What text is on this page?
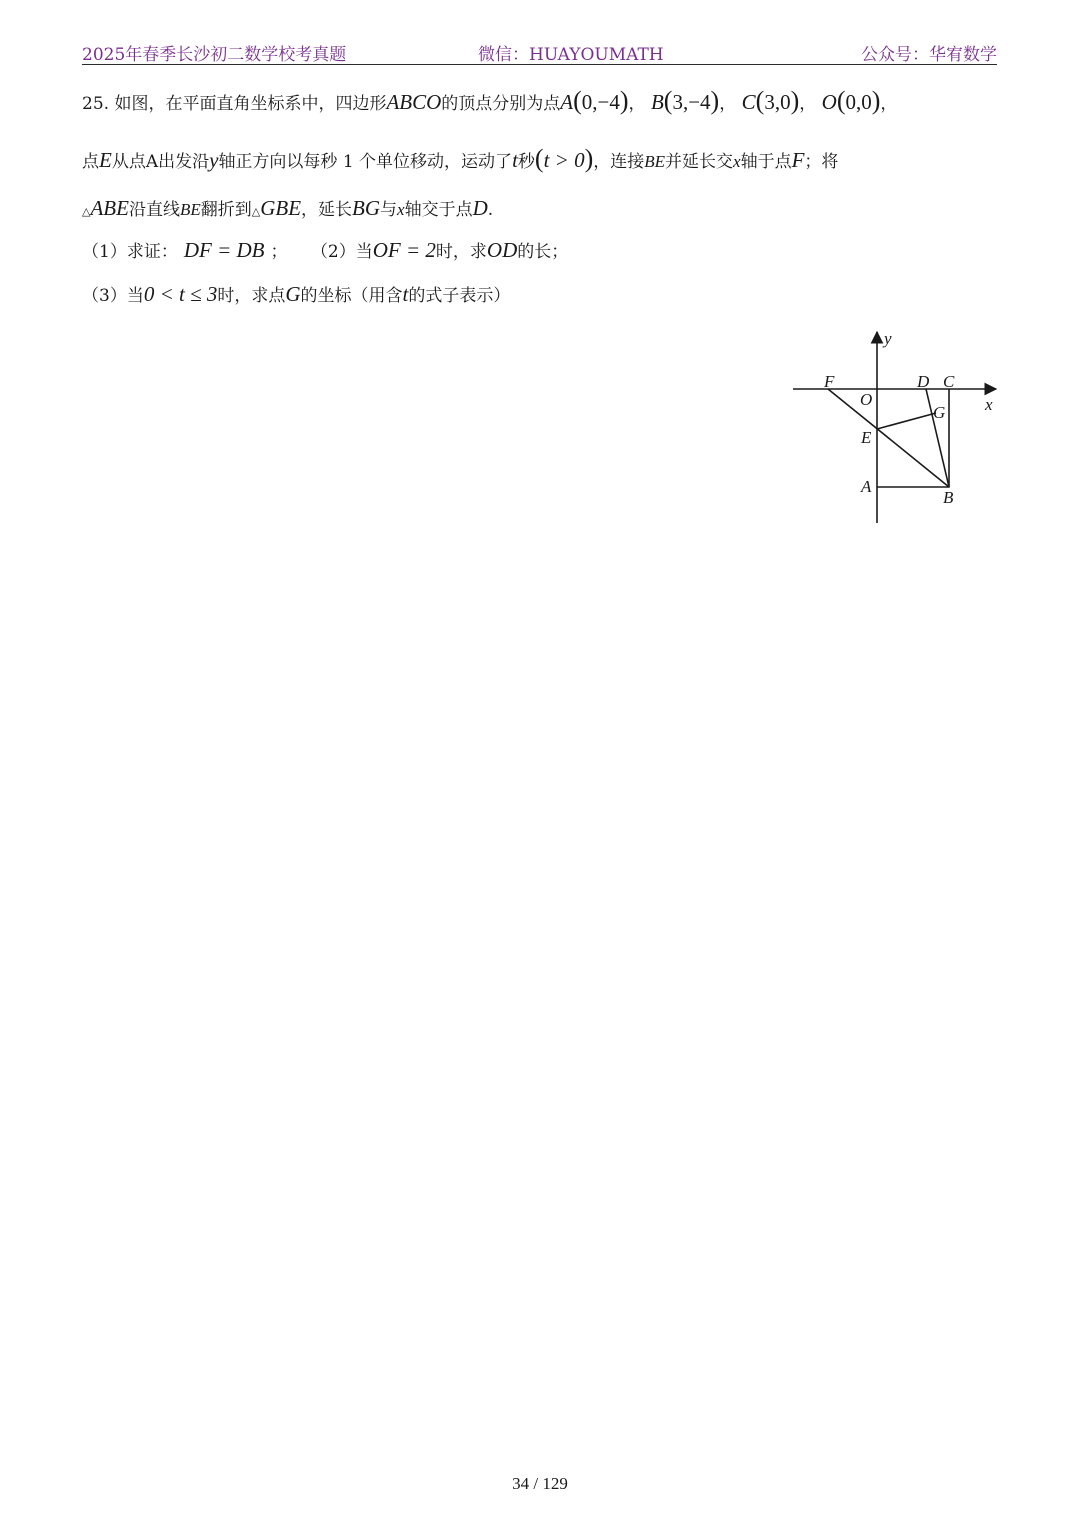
2025年春季长沙初二数学校考真题	微信：HUAYOUMATH	公众号：华宥数学
25. 如图，在平面直角坐标系中，四边形ABCO的顶点分别为点A(0,−4)， B(3,−4)， C(3,0)， O(0,0)，
点E从点A出发沿y轴正方向以每秒 1 个单位移动，运动了t秒(t > 0)，连接BE并延长交x轴于点F；将
△ABE沿直线BE翻折到△GBE，延长BG与x轴交于点D.
（1）求证： DF = DB ； （2）当OF = 2时，求OD的长；
（3）当0 < t ≤ 3时，求点G的坐标（用含t的式子表示）
F	D C
O	x
y
G
E
A
B
34 / 129
